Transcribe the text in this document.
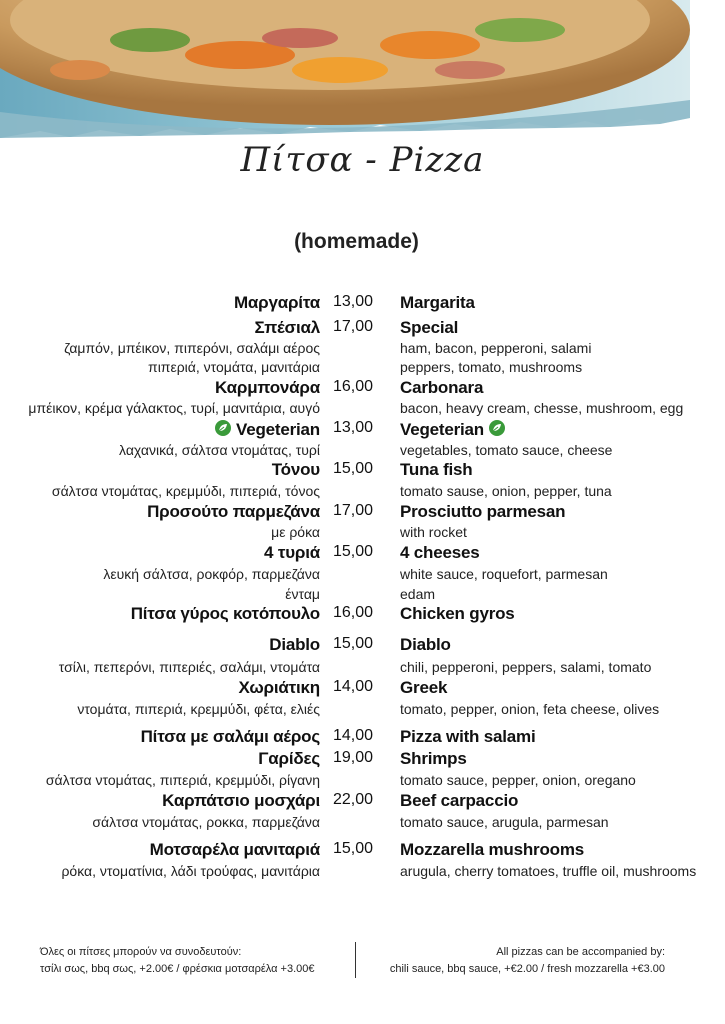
Πίτσα - Pizza
(homemade)
Μαργαρίτα 13,00	Margarita
Σπέσιαλ 17,00	Special
ζαμπόν, μπέικον, πιπερόνι, σαλάμι αέρος	ham, bacon, pepperoni, salami
πιπεριά, ντομάτα, μανιτάρια	peppers, tomato, mushrooms
Καρμπονάρα 16,00	Carbonara
μπέικον, κρέμα γάλακτος, τυρί, μανιτάρια, αυγό	bacon, heavy cream, chesse, mushroom, egg
Vegeterian 13,00	Vegeterian
λαχανικά, σάλτσα ντομάτας, τυρί	vegetables, tomato sauce, cheese
Τόνου 15,00	Tuna fish
σάλτσα ντομάτας, κρεμμύδι, πιπεριά, τόνος	tomato sause, onion, pepper, tuna
Προσούτο παρμεζάνα 17,00	Prosciutto parmesan
με ρόκα	with rocket
4 τυριά 15,00	4 cheeses
λευκή σάλτσα, ροκφόρ, παρμεζάνα	white sauce, roquefort, parmesan
ένταμ	edam
Πίτσα γύρος κοτόπουλο 16,00	Chicken gyros
Diablo 15,00	Diablo
τσίλι, πεπερόνι, πιπεριές, σαλάμι, ντομάτα	chili, pepperoni, peppers, salami, tomato
Χωριάτικη 14,00	Greek
ντομάτα, πιπεριά, κρεμμύδι, φέτα, ελιές	tomato, pepper, onion, feta cheese, olives
Πίτσα με σαλάμι αέρος 14,00	Pizza with salami
Γαρίδες 19,00	Shrimps
σάλτσα ντομάτας, πιπεριά, κρεμμύδι, ρίγανη	tomato sauce, pepper, onion, oregano
Καρπάτσιο μοσχάρι 22,00	Beef carpaccio
σάλτσα ντομάτας, ροκκα, παρμεζάνα	tomato sauce, arugula, parmesan
Μοτσαρέλα μανιταριά 15,00	Mozzarella mushrooms
ρόκα, ντοματίνια, λάδι τρούφας, μανιτάρια	arugula, cherry tomatoes, truffle oil, mushrooms
Όλες οι πίτσες μπορούν να συνοδευτούν:
τσίλι σως, bbq σως, +2.00€ / φρέσκια μοτσαρέλα +3.00€
All pizzas can be accompanied by:
chili sauce, bbq sauce, +€2.00 / fresh mozzarella +€3.00
